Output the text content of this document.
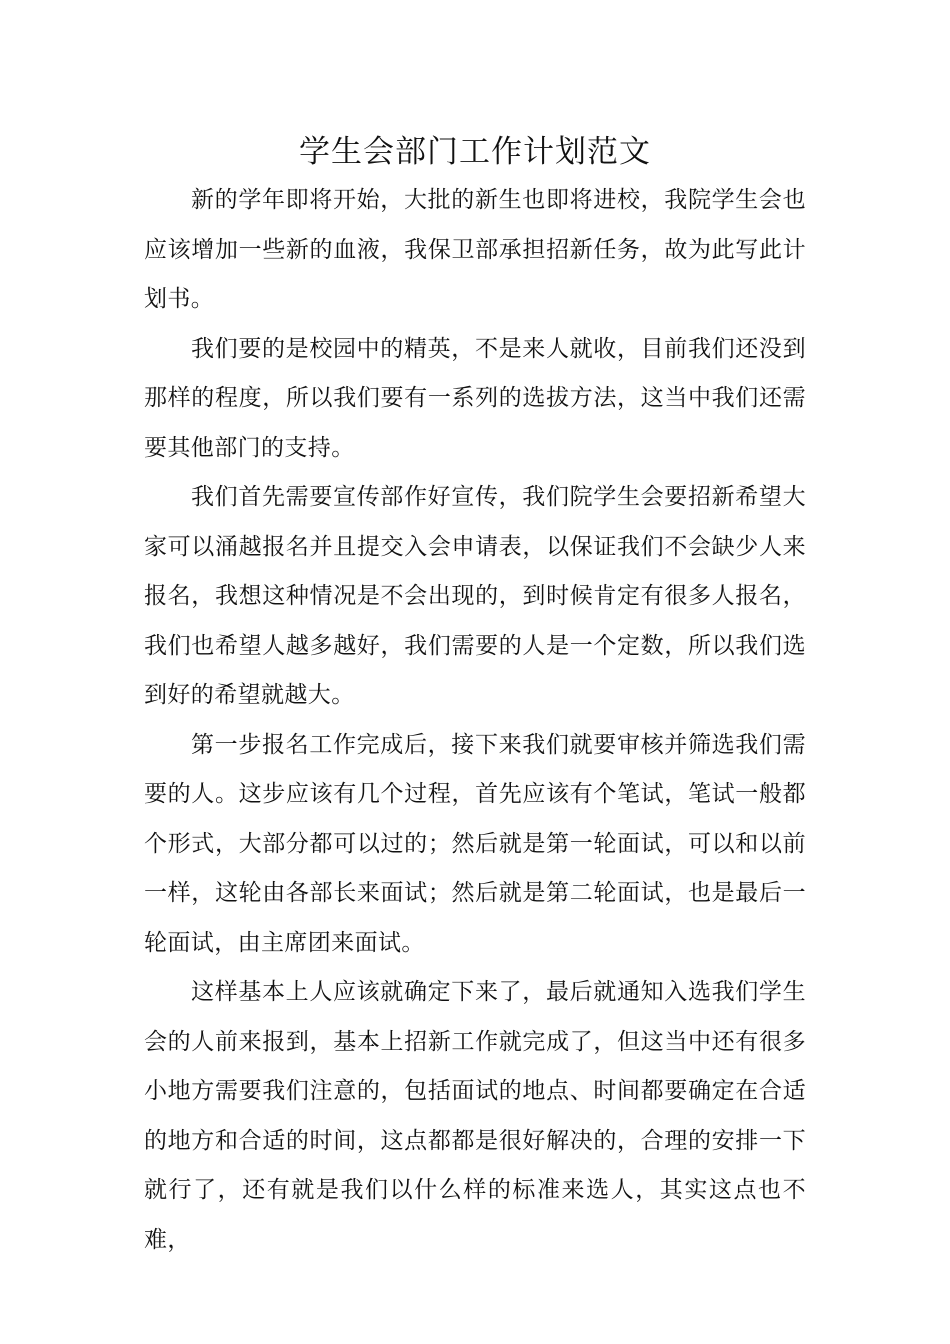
学生会部门工作计划范文

新的学年即将开始，大批的新生也即将进校，我院学生会也应该增加一些新的血液，我保卫部承担招新任务，故为此写此计划书。

我们要的是校园中的精英，不是来人就收，目前我们还没到那样的程度，所以我们要有一系列的选拔方法，这当中我们还需要其他部门的支持。

我们首先需要宣传部作好宣传，我们院学生会要招新希望大家可以涌越报名并且提交入会申请表，以保证我们不会缺少人来报名，我想这种情况是不会出现的，到时候肯定有很多人报名，我们也希望人越多越好，我们需要的人是一个定数，所以我们选到好的希望就越大。

第一步报名工作完成后，接下来我们就要审核并筛选我们需要的人。这步应该有几个过程，首先应该有个笔试，笔试一般都个形式，大部分都可以过的；然后就是第一轮面试，可以和以前一样，这轮由各部长来面试；然后就是第二轮面试，也是最后一轮面试，由主席团来面试。

这样基本上人应该就确定下来了，最后就通知入选我们学生会的人前来报到，基本上招新工作就完成了，但这当中还有很多小地方需要我们注意的，包括面试的地点、时间都要确定在合适的地方和合适的时间，这点都都是很好解决的，合理的安排一下就行了，还有就是我们以什么样的标准来选人，其实这点也不难，
